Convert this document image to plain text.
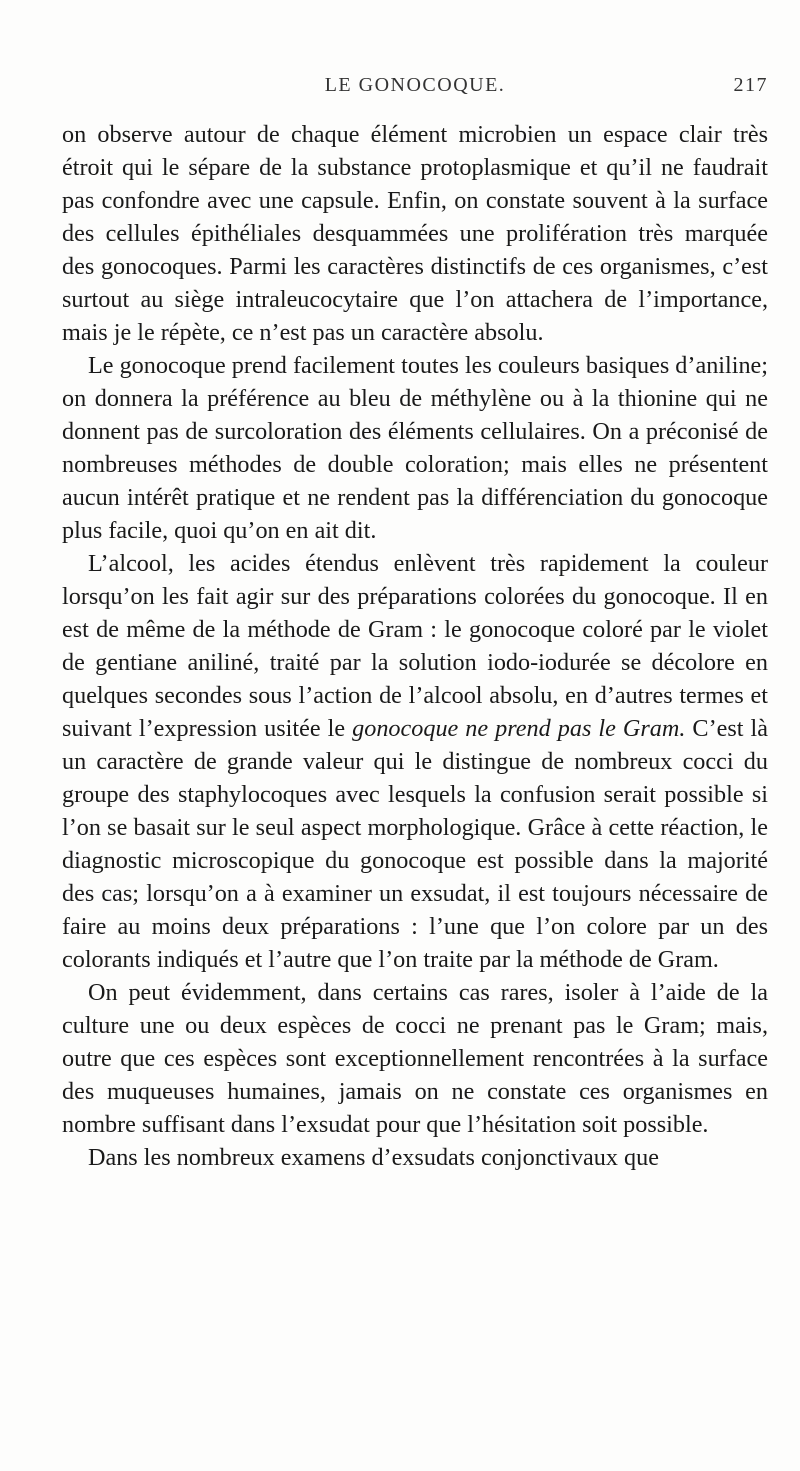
LE GONOCOQUE.	217

on observe autour de chaque élément microbien un espace clair très étroit qui le sépare de la substance protoplasmique et qu’il ne faudrait pas confondre avec une capsule. Enfin, on constate souvent à la surface des cellules épithéliales desquammées une prolifération très marquée des gonocoques. Parmi les caractères distinctifs de ces organismes, c’est surtout au siège intraleucocytaire que l’on attachera de l’importance, mais je le répète, ce n’est pas un caractère absolu.

Le gonocoque prend facilement toutes les couleurs basiques d’aniline; on donnera la préférence au bleu de méthylène ou à la thionine qui ne donnent pas de surcoloration des éléments cellulaires. On a préconisé de nombreuses méthodes de double coloration; mais elles ne présentent aucun intérêt pratique et ne rendent pas la différenciation du gonocoque plus facile, quoi qu’on en ait dit.

L’alcool, les acides étendus enlèvent très rapidement la couleur lorsqu’on les fait agir sur des préparations colorées du gonocoque. Il en est de même de la méthode de Gram : le gonocoque coloré par le violet de gentiane aniliné, traité par la solution iodo-iodurée se décolore en quelques secondes sous l’action de l’alcool absolu, en d’autres termes et suivant l’expression usitée le gonocoque ne prend pas le Gram. C’est là un caractère de grande valeur qui le distingue de nombreux cocci du groupe des staphylocoques avec lesquels la confusion serait possible si l’on se basait sur le seul aspect morphologique. Grâce à cette réaction, le diagnostic microscopique du gonocoque est possible dans la majorité des cas; lorsqu’on a à examiner un exsudat, il est toujours nécessaire de faire au moins deux préparations : l’une que l’on colore par un des colorants indiqués et l’autre que l’on traite par la méthode de Gram.

On peut évidemment, dans certains cas rares, isoler à l’aide de la culture une ou deux espèces de cocci ne prenant pas le Gram; mais, outre que ces espèces sont exceptionnellement rencontrées à la surface des muqueuses humaines, jamais on ne constate ces organismes en nombre suffisant dans l’exsudat pour que l’hésitation soit possible.

Dans les nombreux examens d’exsudats conjonctivaux que
